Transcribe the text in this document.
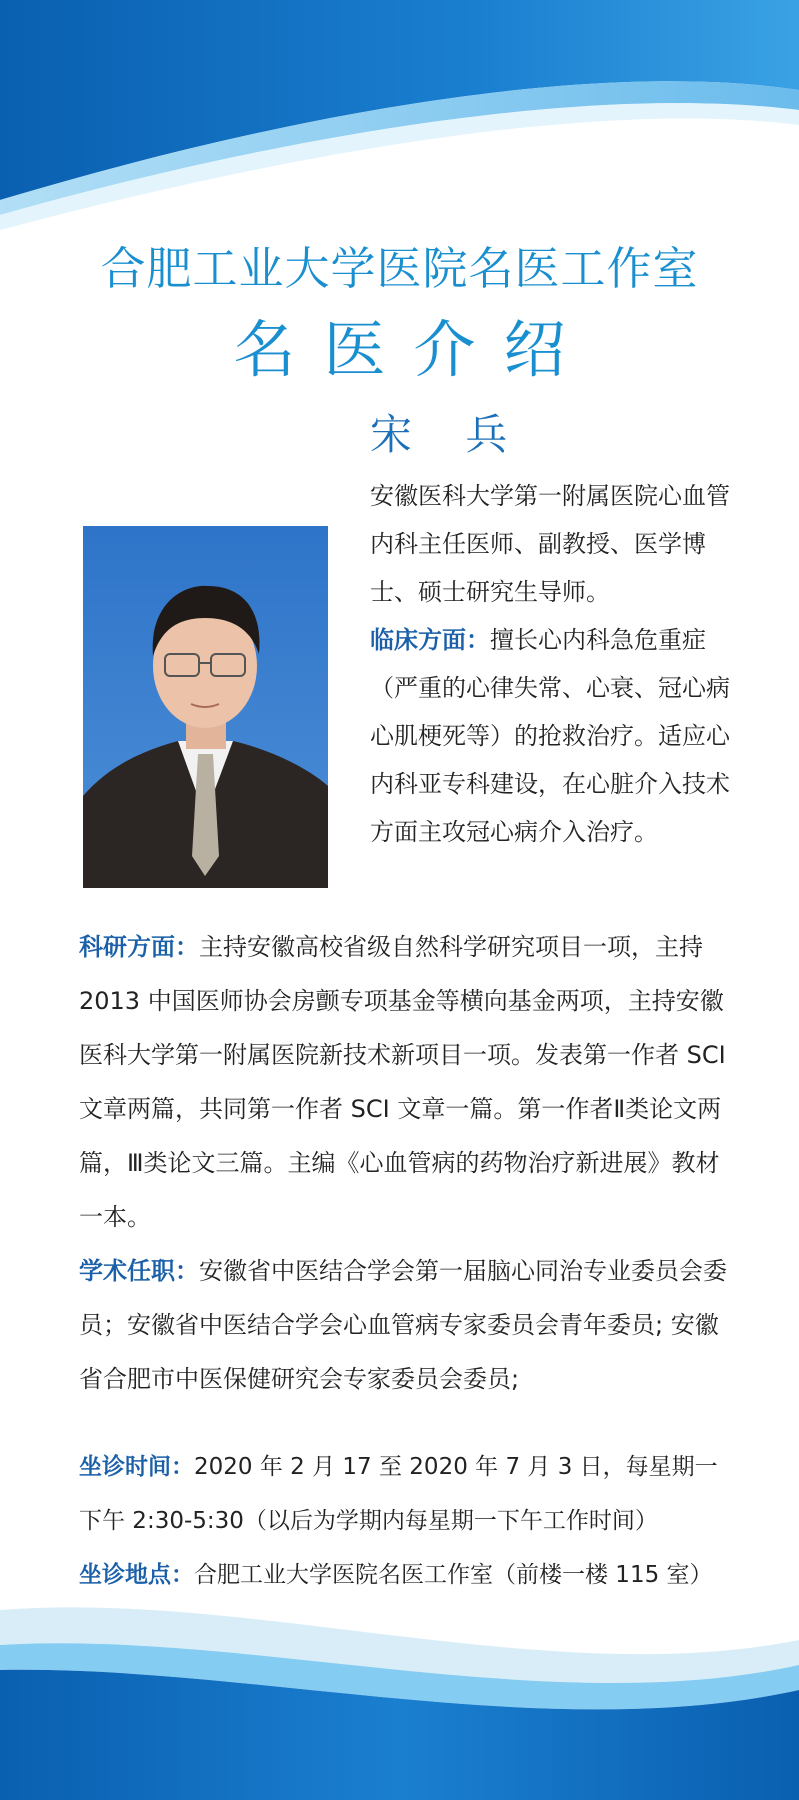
合肥工业大学医院名医工作室
名医介绍
宋 兵
安徽医科大学第一附属医院心血管内科主任医师、副教授、医学博士、硕士研究生导师。
临床方面：擅长心内科急危重症（严重的心律失常、心衰、冠心病心肌梗死等）的抢救治疗。适应心内科亚专科建设，在心脏介入技术方面主攻冠心病介入治疗。
科研方面：主持安徽高校省级自然科学研究项目一项，主持 2013 中国医师协会房颤专项基金等横向基金两项，主持安徽医科大学第一附属医院新技术新项目一项。发表第一作者 SCI 文章两篇，共同第一作者 SCI 文章一篇。第一作者Ⅱ类论文两篇，Ⅲ类论文三篇。主编《心血管病的药物治疗新进展》教材一本。
学术任职：安徽省中医结合学会第一届脑心同治专业委员会委员；安徽省中医结合学会心血管病专家委员会青年委员; 安徽省合肥市中医保健研究会专家委员会委员;
坐诊时间：2020 年 2 月 17 至 2020 年 7 月 3 日，每星期一下午 2:30-5:30（以后为学期内每星期一下午工作时间）
坐诊地点：合肥工业大学医院名医工作室（前楼一楼 115 室）
